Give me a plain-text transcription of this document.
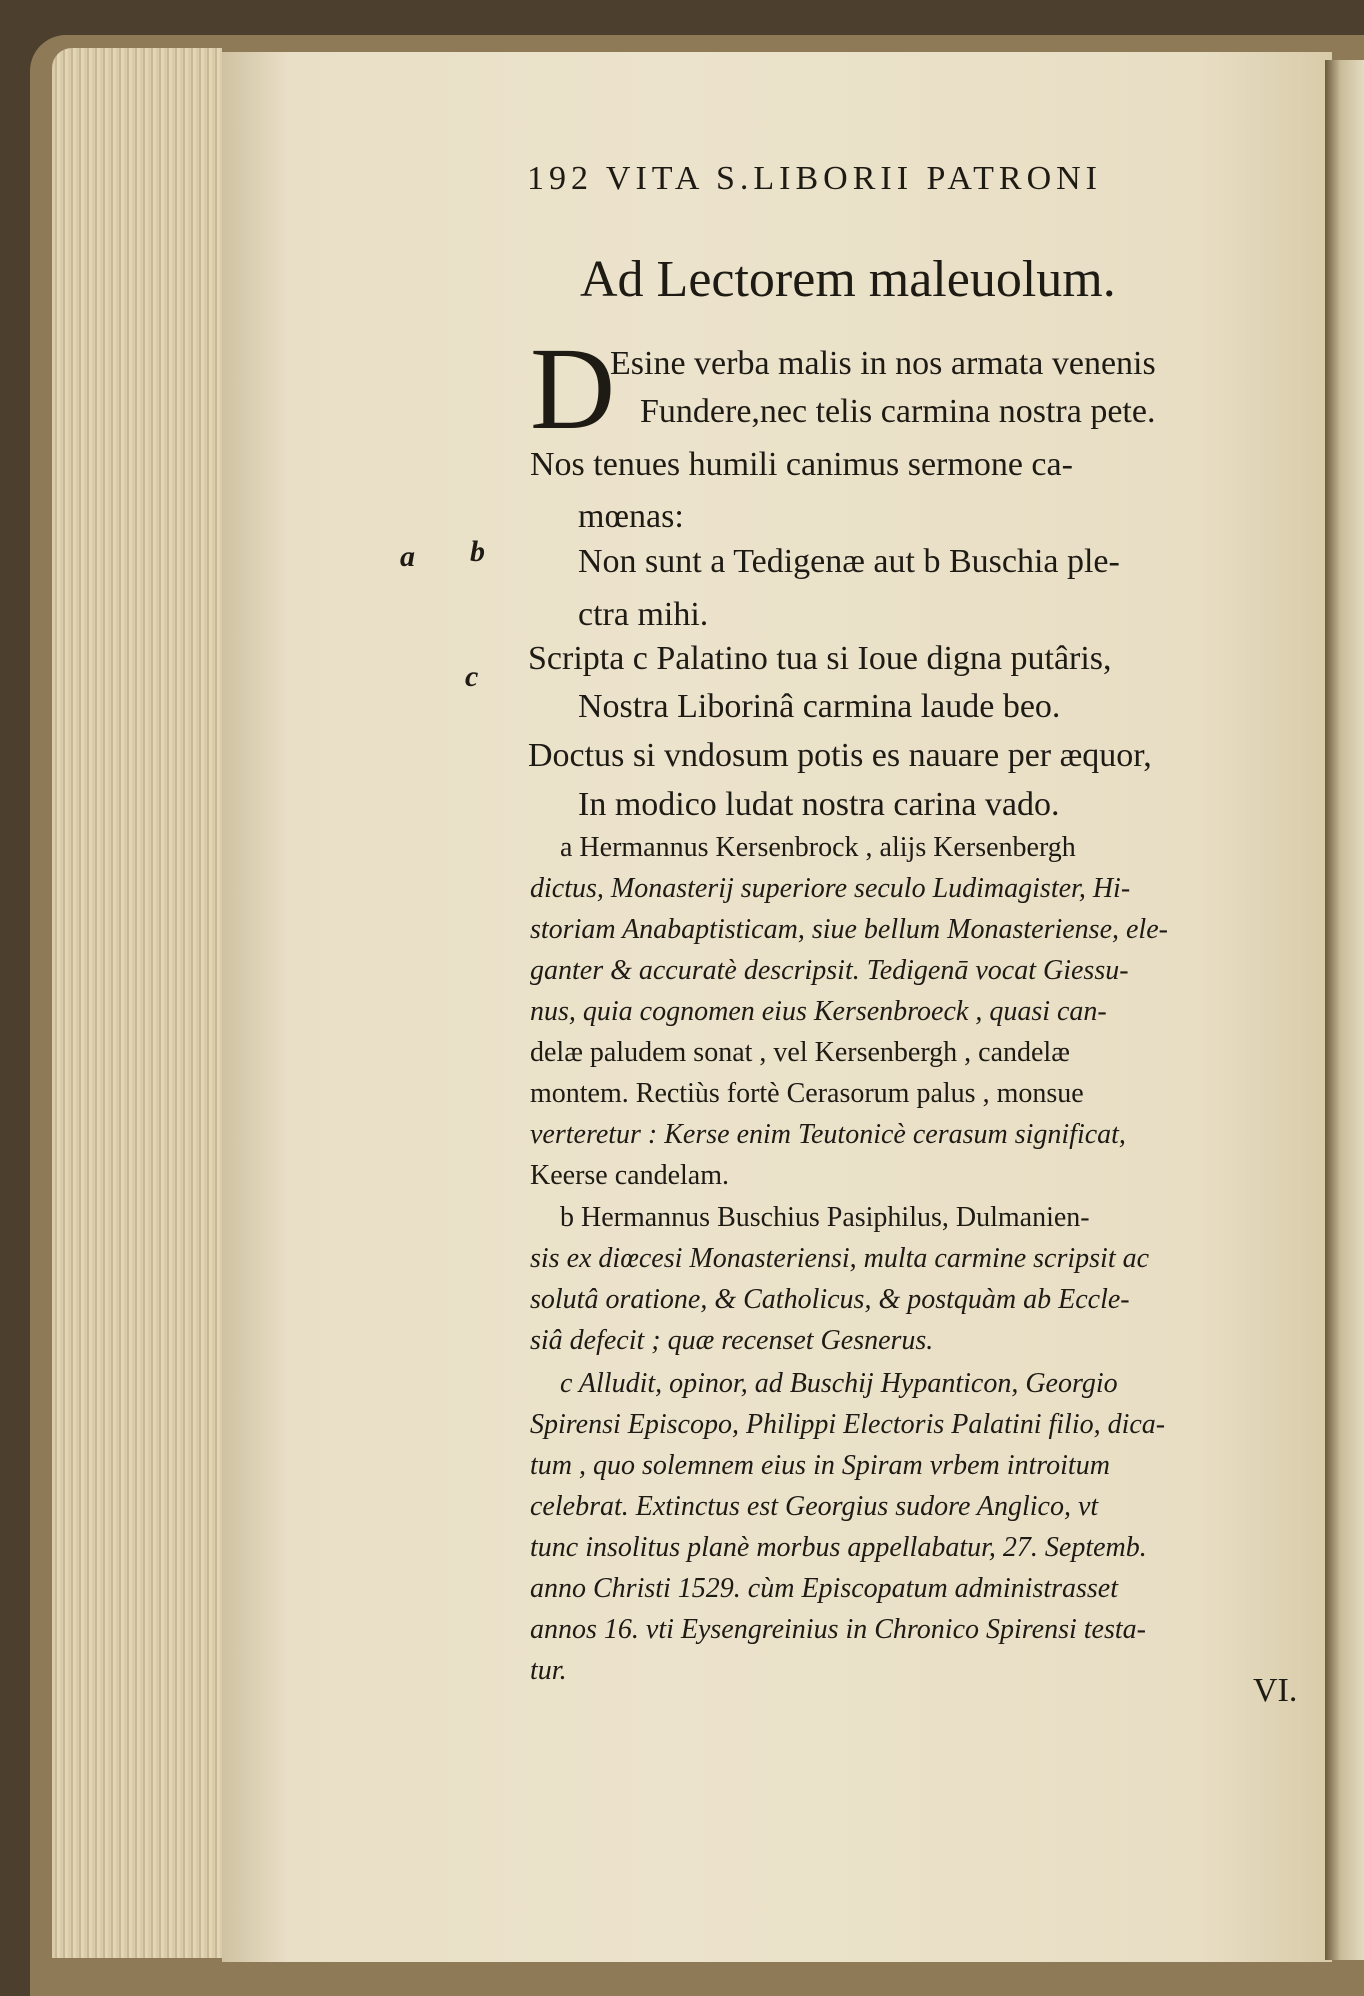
192 VITA S.LIBORII PATRONI
Ad Lectorem maleuolum.
a b
c
D
Esine verba malis in nos armata venenis
Fundere,nec telis carmina nostra pete.
Nos tenues humili canimus sermone ca-
mœnas:
Non sunt a Tedigenæ aut b Buschia ple-
ctra mihi.
Scripta c Palatino tua si Ioue digna putâris,
Nostra Liborinâ carmina laude beo.
Doctus si vndosum potis es nauare per æquor,
In modico ludat nostra carina vado.
a Hermannus Kersenbrock , alijs Kersenbergh
dictus, Monasterij superiore seculo Ludimagister, Hi-
storiam Anabaptisticam, siue bellum Monasteriense, ele-
ganter & accuratè descripsit. Tedigenā vocat Giessu-
nus, quia cognomen eius Kersenbroeck , quasi can-
delæ paludem sonat , vel Kersenbergh , candelæ
montem. Rectiùs fortè Cerasorum palus , monsue
verteretur : Kerse enim Teutonicè cerasum significat,
Keerse candelam.
b Hermannus Buschius Pasiphilus, Dulmanien-
sis ex diœcesi Monasteriensi, multa carmine scripsit ac
solutâ oratione, & Catholicus, & postquàm ab Eccle-
siâ defecit ; quæ recenset Gesnerus.
c Alludit, opinor, ad Buschij Hypanticon, Georgio
Spirensi Episcopo, Philippi Electoris Palatini filio, dica-
tum , quo solemnem eius in Spiram vrbem introitum
celebrat. Extinctus est Georgius sudore Anglico, vt
tunc insolitus planè morbus appellabatur, 27. Septemb.
anno Christi 1529. cùm Episcopatum administrasset
annos 16. vti Eysengreinius in Chronico Spirensi testa-
tur.
VI.
